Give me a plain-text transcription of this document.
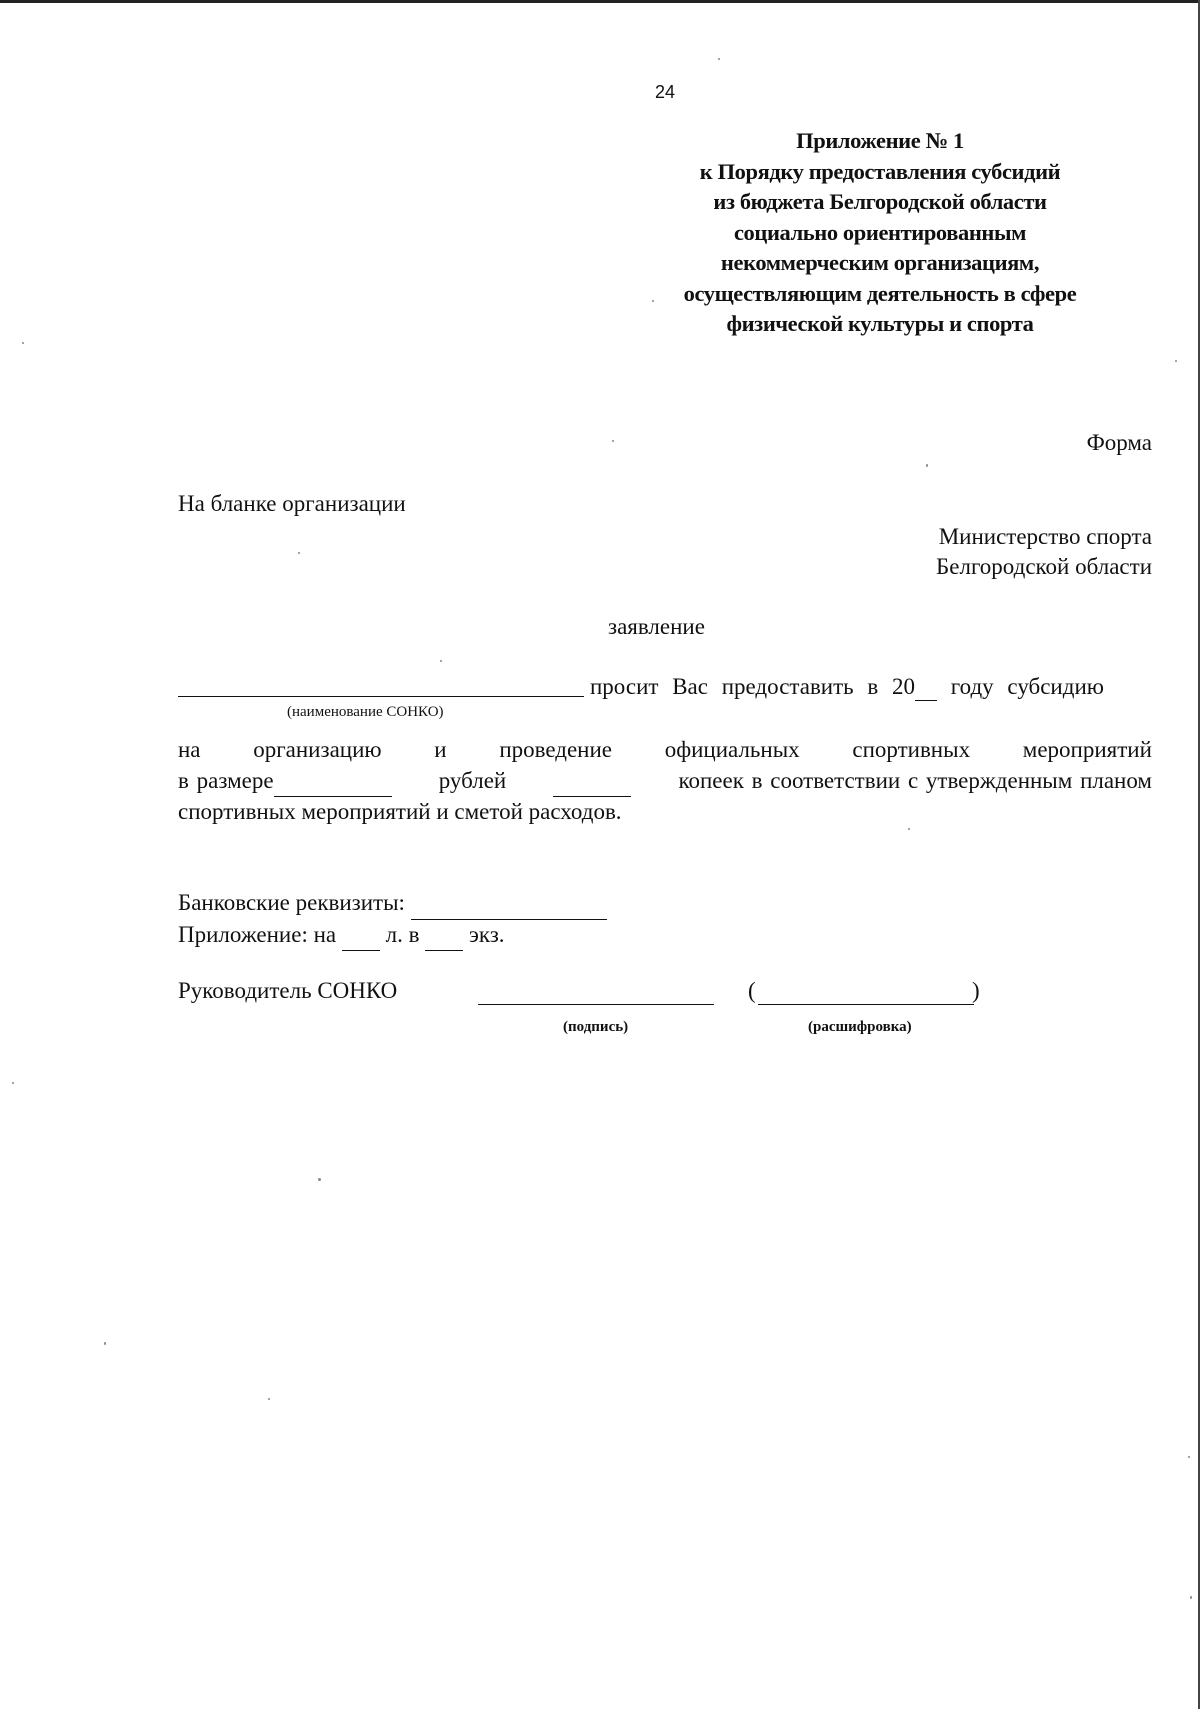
24
Приложение № 1
к Порядку предоставления субсидий
из бюджета Белгородской области
социально ориентированным
некоммерческим организациям,
осуществляющим деятельность в сфере
физической культуры и спорта
Форма
На бланке организации
Министерство спорта
Белгородской области
заявление
просит Вас предоставить в 20 году субсидию
(наименование СОНКО)
на организацию и проведение официальных спортивных мероприятий
в размере	рублей
	копеек в соответствии с утвержденным планом
спортивных мероприятий и сметой расходов.
Банковские реквизиты:
Приложение: на л. в экз.
Руководитель СОНКО	(	)
(подпись)	(расшифровка)
